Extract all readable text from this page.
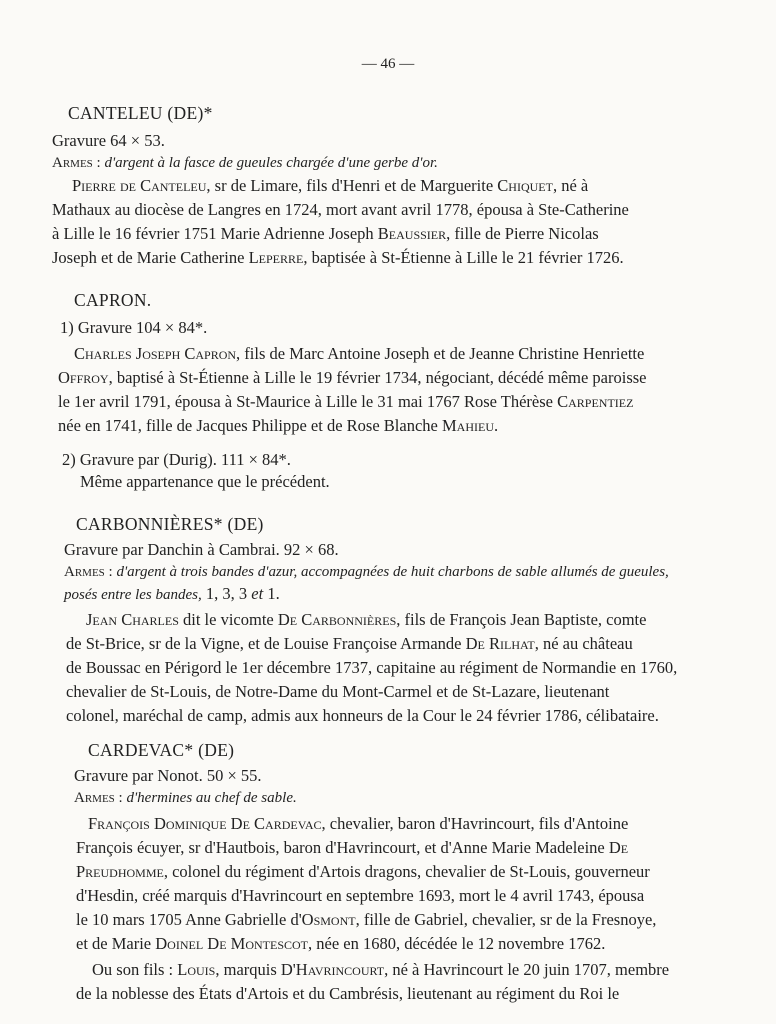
— 46 —
CANTELEU (DE)*
Gravure 64 × 53.
Armes : d'argent à la fasce de gueules chargée d'une gerbe d'or.
Pierre de Canteleu, sr de Limare, fils d'Henri et de Marguerite Chiquet, né à
Mathaux au diocèse de Langres en 1724, mort avant avril 1778, épousa à Ste-Catherine
à Lille le 16 février 1751 Marie Adrienne Joseph Beaussier, fille de Pierre Nicolas
Joseph et de Marie Catherine Leperre, baptisée à St-Étienne à Lille le 21 février 1726.
CAPRON.
1) Gravure 104 × 84*.
Charles Joseph Capron, fils de Marc Antoine Joseph et de Jeanne Christine Henriette
Offroy, baptisé à St-Étienne à Lille le 19 février 1734, négociant, décédé même paroisse
le 1er avril 1791, épousa à St-Maurice à Lille le 31 mai 1767 Rose Thérèse Carpentiez
née en 1741, fille de Jacques Philippe et de Rose Blanche Mahieu.
2) Gravure par (Durig). 111 × 84*.
Même appartenance que le précédent.
CARBONNIÈRES* (DE)
Gravure par Danchin à Cambrai. 92 × 68.
Armes : d'argent à trois bandes d'azur, accompagnées de huit charbons de sable allumés de gueules,
posés entre les bandes, 1, 3, 3 et 1.
Jean Charles dit le vicomte De Carbonnières, fils de François Jean Baptiste, comte
de St-Brice, sr de la Vigne, et de Louise Françoise Armande De Rilhat, né au château
de Boussac en Périgord le 1er décembre 1737, capitaine au régiment de Normandie en 1760,
chevalier de St-Louis, de Notre-Dame du Mont-Carmel et de St-Lazare, lieutenant
colonel, maréchal de camp, admis aux honneurs de la Cour le 24 février 1786, célibataire.
CARDEVAC* (DE)
Gravure par Nonot. 50 × 55.
Armes : d'hermines au chef de sable.
François Dominique De Cardevac, chevalier, baron d'Havrincourt, fils d'Antoine
François écuyer, sr d'Hautbois, baron d'Havrincourt, et d'Anne Marie Madeleine De
Preudhomme, colonel du régiment d'Artois dragons, chevalier de St-Louis, gouverneur
d'Hesdin, créé marquis d'Havrincourt en septembre 1693, mort le 4 avril 1743, épousa
le 10 mars 1705 Anne Gabrielle d'Osmont, fille de Gabriel, chevalier, sr de la Fresnoye,
et de Marie Doinel De Montescot, née en 1680, décédée le 12 novembre 1762.
Ou son fils : Louis, marquis D'Havrincourt, né à Havrincourt le 20 juin 1707, membre
de la noblesse des États d'Artois et du Cambrésis, lieutenant au régiment du Roi le
